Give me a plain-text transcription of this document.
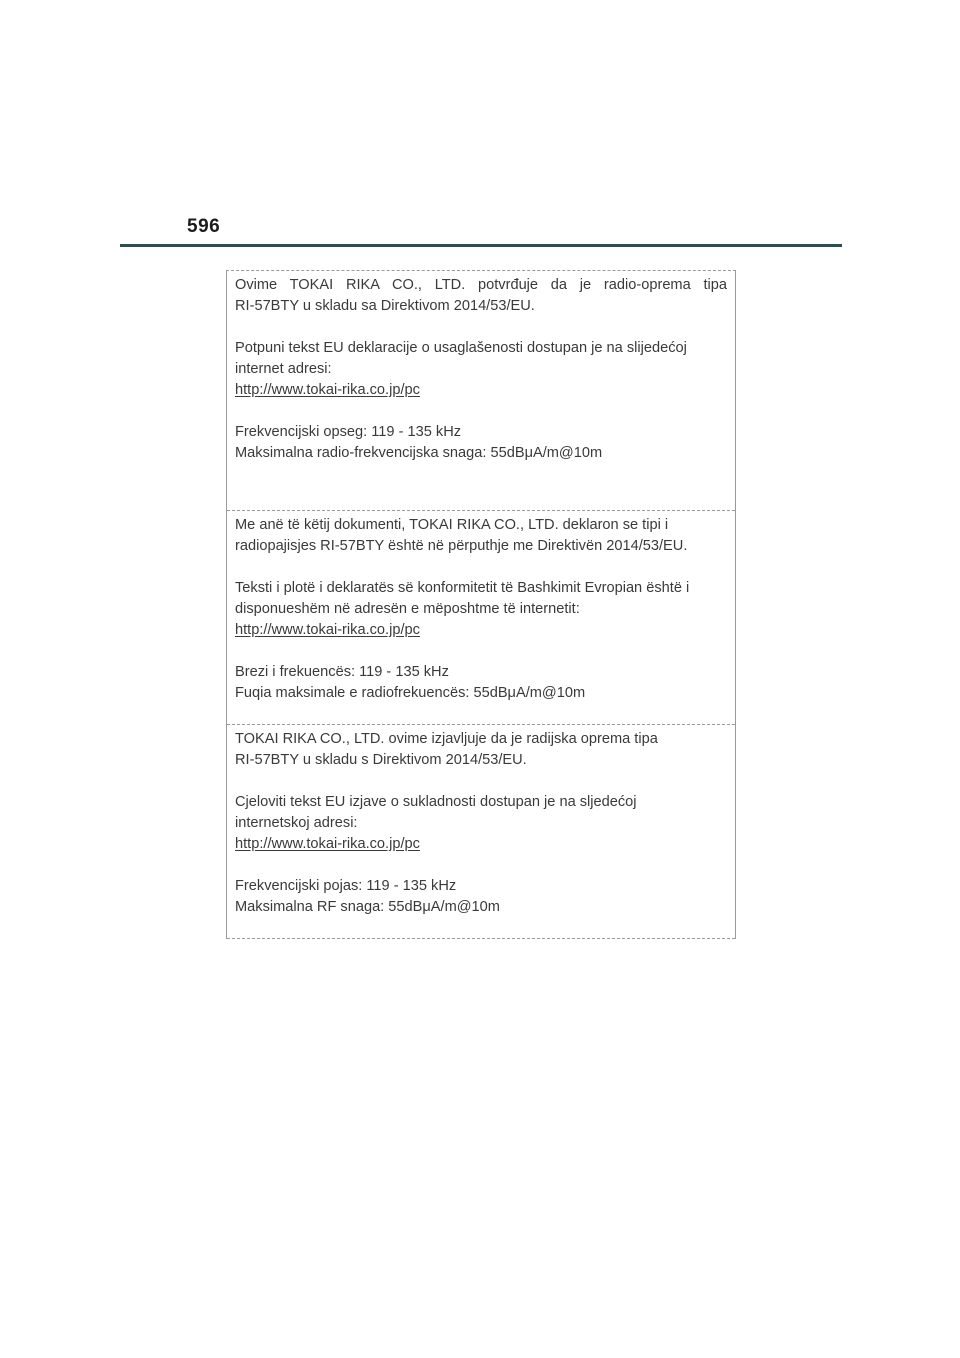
596

Ovime TOKAI RIKA CO., LTD. potvrđuje da je radio-oprema tipa
RI-57BTY u skladu sa Direktivom 2014/53/EU.

Potpuni tekst EU deklaracije o usaglašenosti dostupan je na slijedećoj
internet adresi:
http://www.tokai-rika.co.jp/pc

Frekvencijski opseg: 119 - 135 kHz
Maksimalna radio-frekvencijska snaga: 55dBμA/m@10m

Me anë të këtij dokumenti, TOKAI RIKA CO., LTD. deklaron se tipi i
radiopajisjes RI-57BTY është në përputhje me Direktivën 2014/53/EU.

Teksti i plotë i deklaratës së konformitetit të Bashkimit Evropian është i
disponueshëm në adresën e mëposhtme të internetit:
http://www.tokai-rika.co.jp/pc

Brezi i frekuencës: 119 - 135 kHz
Fuqia maksimale e radiofrekuencës: 55dBμA/m@10m

TOKAI RIKA CO., LTD. ovime izjavljuje da je radijska oprema tipa
RI-57BTY u skladu s Direktivom 2014/53/EU.

Cjeloviti tekst EU izjave o sukladnosti dostupan je na sljedećoj
internetskoj adresi:
http://www.tokai-rika.co.jp/pc

Frekvencijski pojas: 119 - 135 kHz
Maksimalna RF snaga: 55dBμA/m@10m
